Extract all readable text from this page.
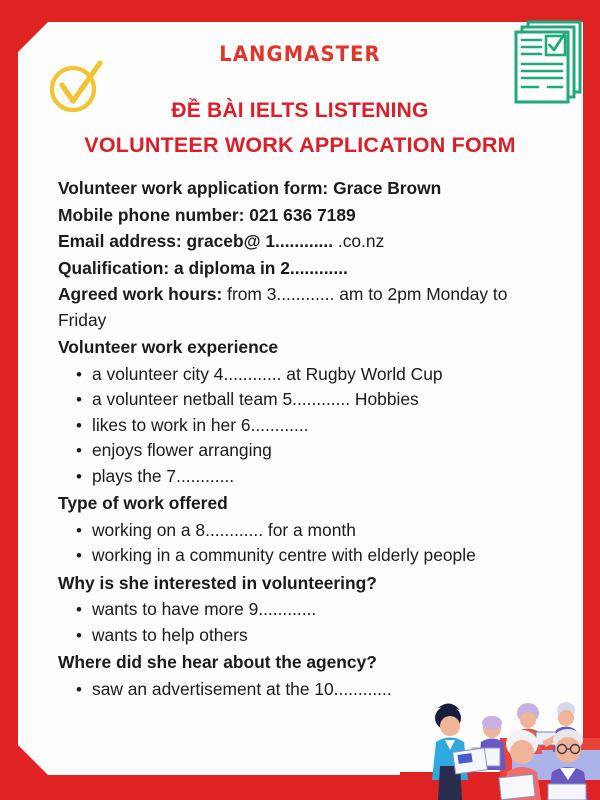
LANGMASTER
ĐỀ BÀI IELTS LISTENING
VOLUNTEER WORK APPLICATION FORM
Volunteer work application form: Grace Brown
Mobile phone number: 021 636 7189
Email address: graceb@ 1............ .co.nz
Qualification: a diploma in 2............
Agreed work hours: from 3............ am to 2pm Monday to Friday
Volunteer work experience
• a volunteer city 4............ at Rugby World Cup
• a volunteer netball team 5............ Hobbies
• likes to work in her 6............
• enjoys flower arranging
• plays the 7............
Type of work offered
• working on a 8............ for a month
• working in a community centre with elderly people
Why is she interested in volunteering?
• wants to have more 9............
• wants to help others
Where did she hear about the agency?
• saw an advertisement at the 10............
